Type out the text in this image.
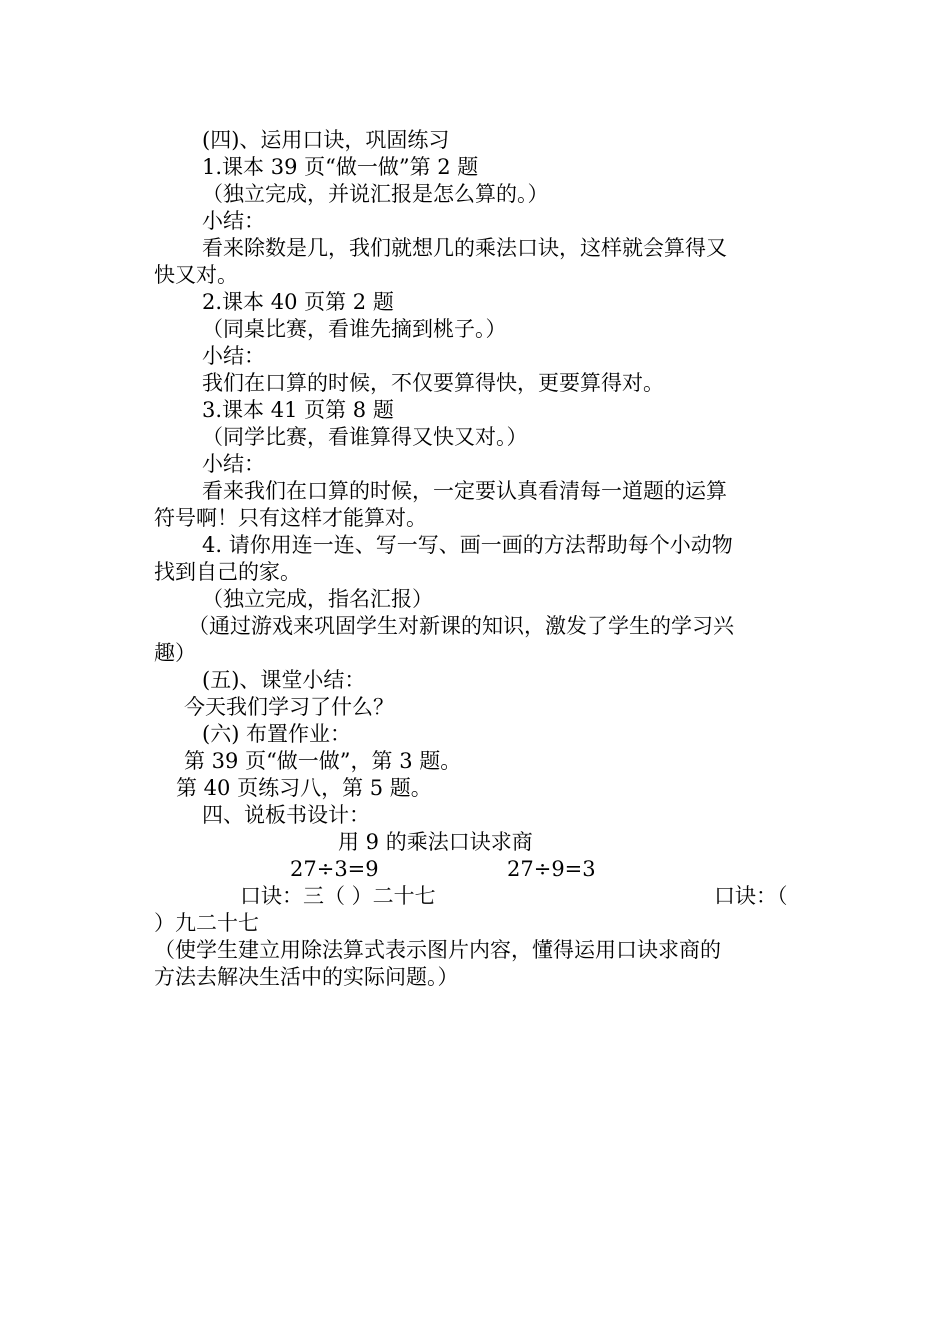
(四)、运用口诀，巩固练习
1.课本 39 页“做一做”第 2 题
（独立完成，并说汇报是怎么算的。）
小结：
看来除数是几，我们就想几的乘法口诀，这样就会算得又
快又对。
2.课本 40 页第 2 题
（同桌比赛，看谁先摘到桃子。）
小结：
我们在口算的时候，不仅要算得快，更要算得对。
3.课本 41 页第 8 题
（同学比赛，看谁算得又快又对。）
小结：
看来我们在口算的时候，一定要认真看清每一道题的运算
符号啊！只有这样才能算对。
4. 请你用连一连、写一写、画一画的方法帮助每个小动物
找到自己的家。
（独立完成，指名汇报）
（通过游戏来巩固学生对新课的知识，激发了学生的学习兴
趣）
(五)、课堂小结：
今天我们学习了什么？
(六) 布置作业：
第 39 页“做一做”，第 3 题。
第 40 页练习八，第 5 题。
四、说板书设计：
用 9 的乘法口诀求商
27÷3=9	27÷9=3
口诀：三（ ）二十七	口诀：（
）九二十七
（使学生建立用除法算式表示图片内容，懂得运用口诀求商的
方法去解决生活中的实际问题。）
